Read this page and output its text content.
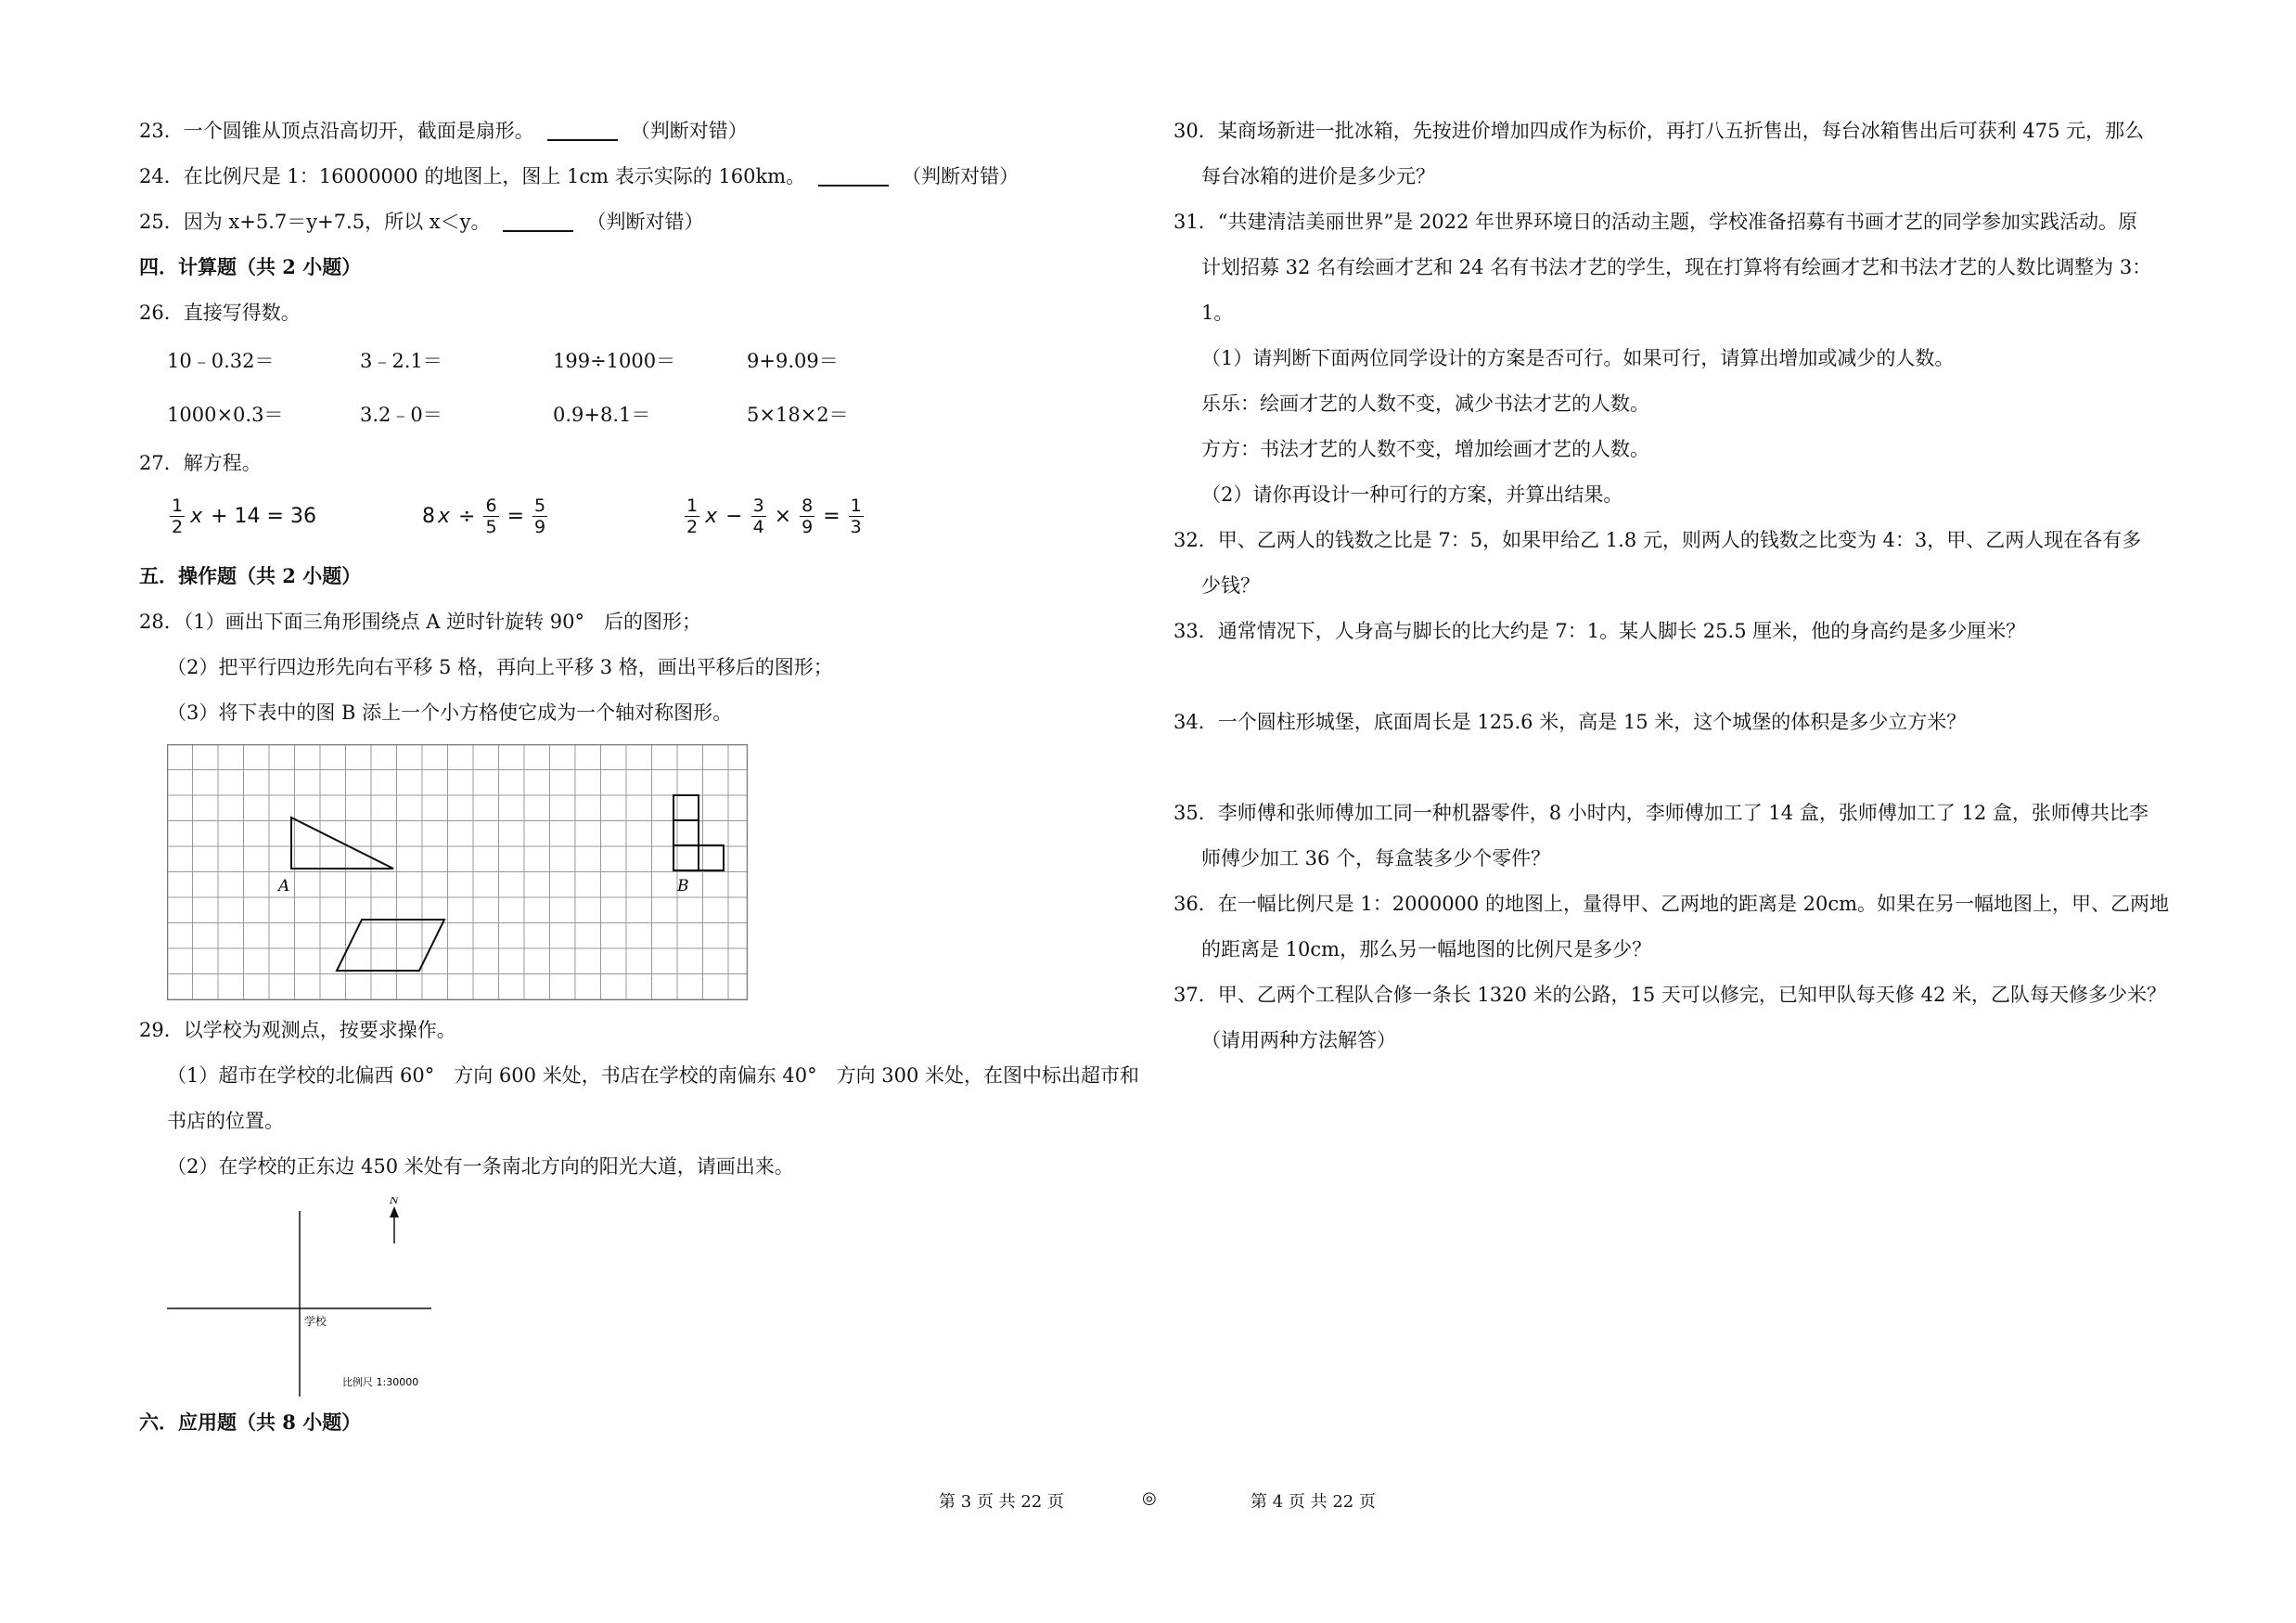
23．一个圆锥从顶点沿高切开，截面是扇形。	（判断对错）
24．在比例尺是 1：16000000 的地图上，图上 1cm 表示实际的 160km。	（判断对错）
25．因为 x+5.7＝y+7.5，所以 x＜y。	（判断对错）
四．计算题（共 2 小题）
26．直接写得数。
10﹣0.32＝	3﹣2.1＝	199÷1000＝	9+9.09＝
1000×0.3＝	3.2﹣0＝	0.9+8.1＝	5×18×2＝
27．解方程。
$\frac{1}{2}$ x + 14 = 36	8 $x \div \frac{6}{5} = \frac{5}{9}$	$\frac{1}{2}$ $x - \frac{3}{4} \times \frac{8}{9} = \frac{1}{3}$
五．操作题（共 2 小题）
28．（1）画出下面三角形围绕点 A 逆时针旋转 90°　后的图形；
（2）把平行四边形先向右平移 5 格，再向上平移 3 格，画出平移后的图形；
（3）将下表中的图 B 添上一个小方格使它成为一个轴对称图形。
29．以学校为观测点，按要求操作。
（1）超市在学校的北偏西 60°　方向 600 米处，书店在学校的南偏东 40°　方向 300 米处，在图中标出超市和
书店的位置。
（2）在学校的正东边 450 米处有一条南北方向的阳光大道，请画出来。
六．应用题（共 8 小题）
A	B
N
学校
比例尺 1:30000
30．某商场新进一批冰箱，先按进价增加四成作为标价，再打八五折售出，每台冰箱售出后可获利 475 元，那么
每台冰箱的进价是多少元？
31．“共建清洁美丽世界”是 2022 年世界环境日的活动主题，学校准备招募有书画才艺的同学参加实践活动。原
计划招募 32 名有绘画才艺和 24 名有书法才艺的学生，现在打算将有绘画才艺和书法才艺的人数比调整为 3：
1。
（1）请判断下面两位同学设计的方案是否可行。如果可行，请算出增加或减少的人数。
乐乐：绘画才艺的人数不变，减少书法才艺的人数。
方方：书法才艺的人数不变，增加绘画才艺的人数。
（2）请你再设计一种可行的方案，并算出结果。
32．甲、乙两人的钱数之比是 7：5，如果甲给乙 1.8 元，则两人的钱数之比变为 4：3，甲、乙两人现在各有多
少钱？
33．通常情况下，人身高与脚长的比大约是 7：1。某人脚长 25.5 厘米，他的身高约是多少厘米？
34．一个圆柱形城堡，底面周长是 125.6 米，高是 15 米，这个城堡的体积是多少立方米？
35．李师傅和张师傅加工同一种机器零件，8 小时内，李师傅加工了 14 盒，张师傅加工了 12 盒，张师傅共比李
师傅少加工 36 个，每盒装多少个零件？
36．在一幅比例尺是 1：2000000 的地图上，量得甲、乙两地的距离是 20cm。如果在另一幅地图上，甲、乙两地
的距离是 10cm，那么另一幅地图的比例尺是多少？
37．甲、乙两个工程队合修一条长 1320 米的公路，15 天可以修完，已知甲队每天修 42 米，乙队每天修多少米？
（请用两种方法解答）
第 3 页 共 22 页	◎	第 4 页 共 22 页
